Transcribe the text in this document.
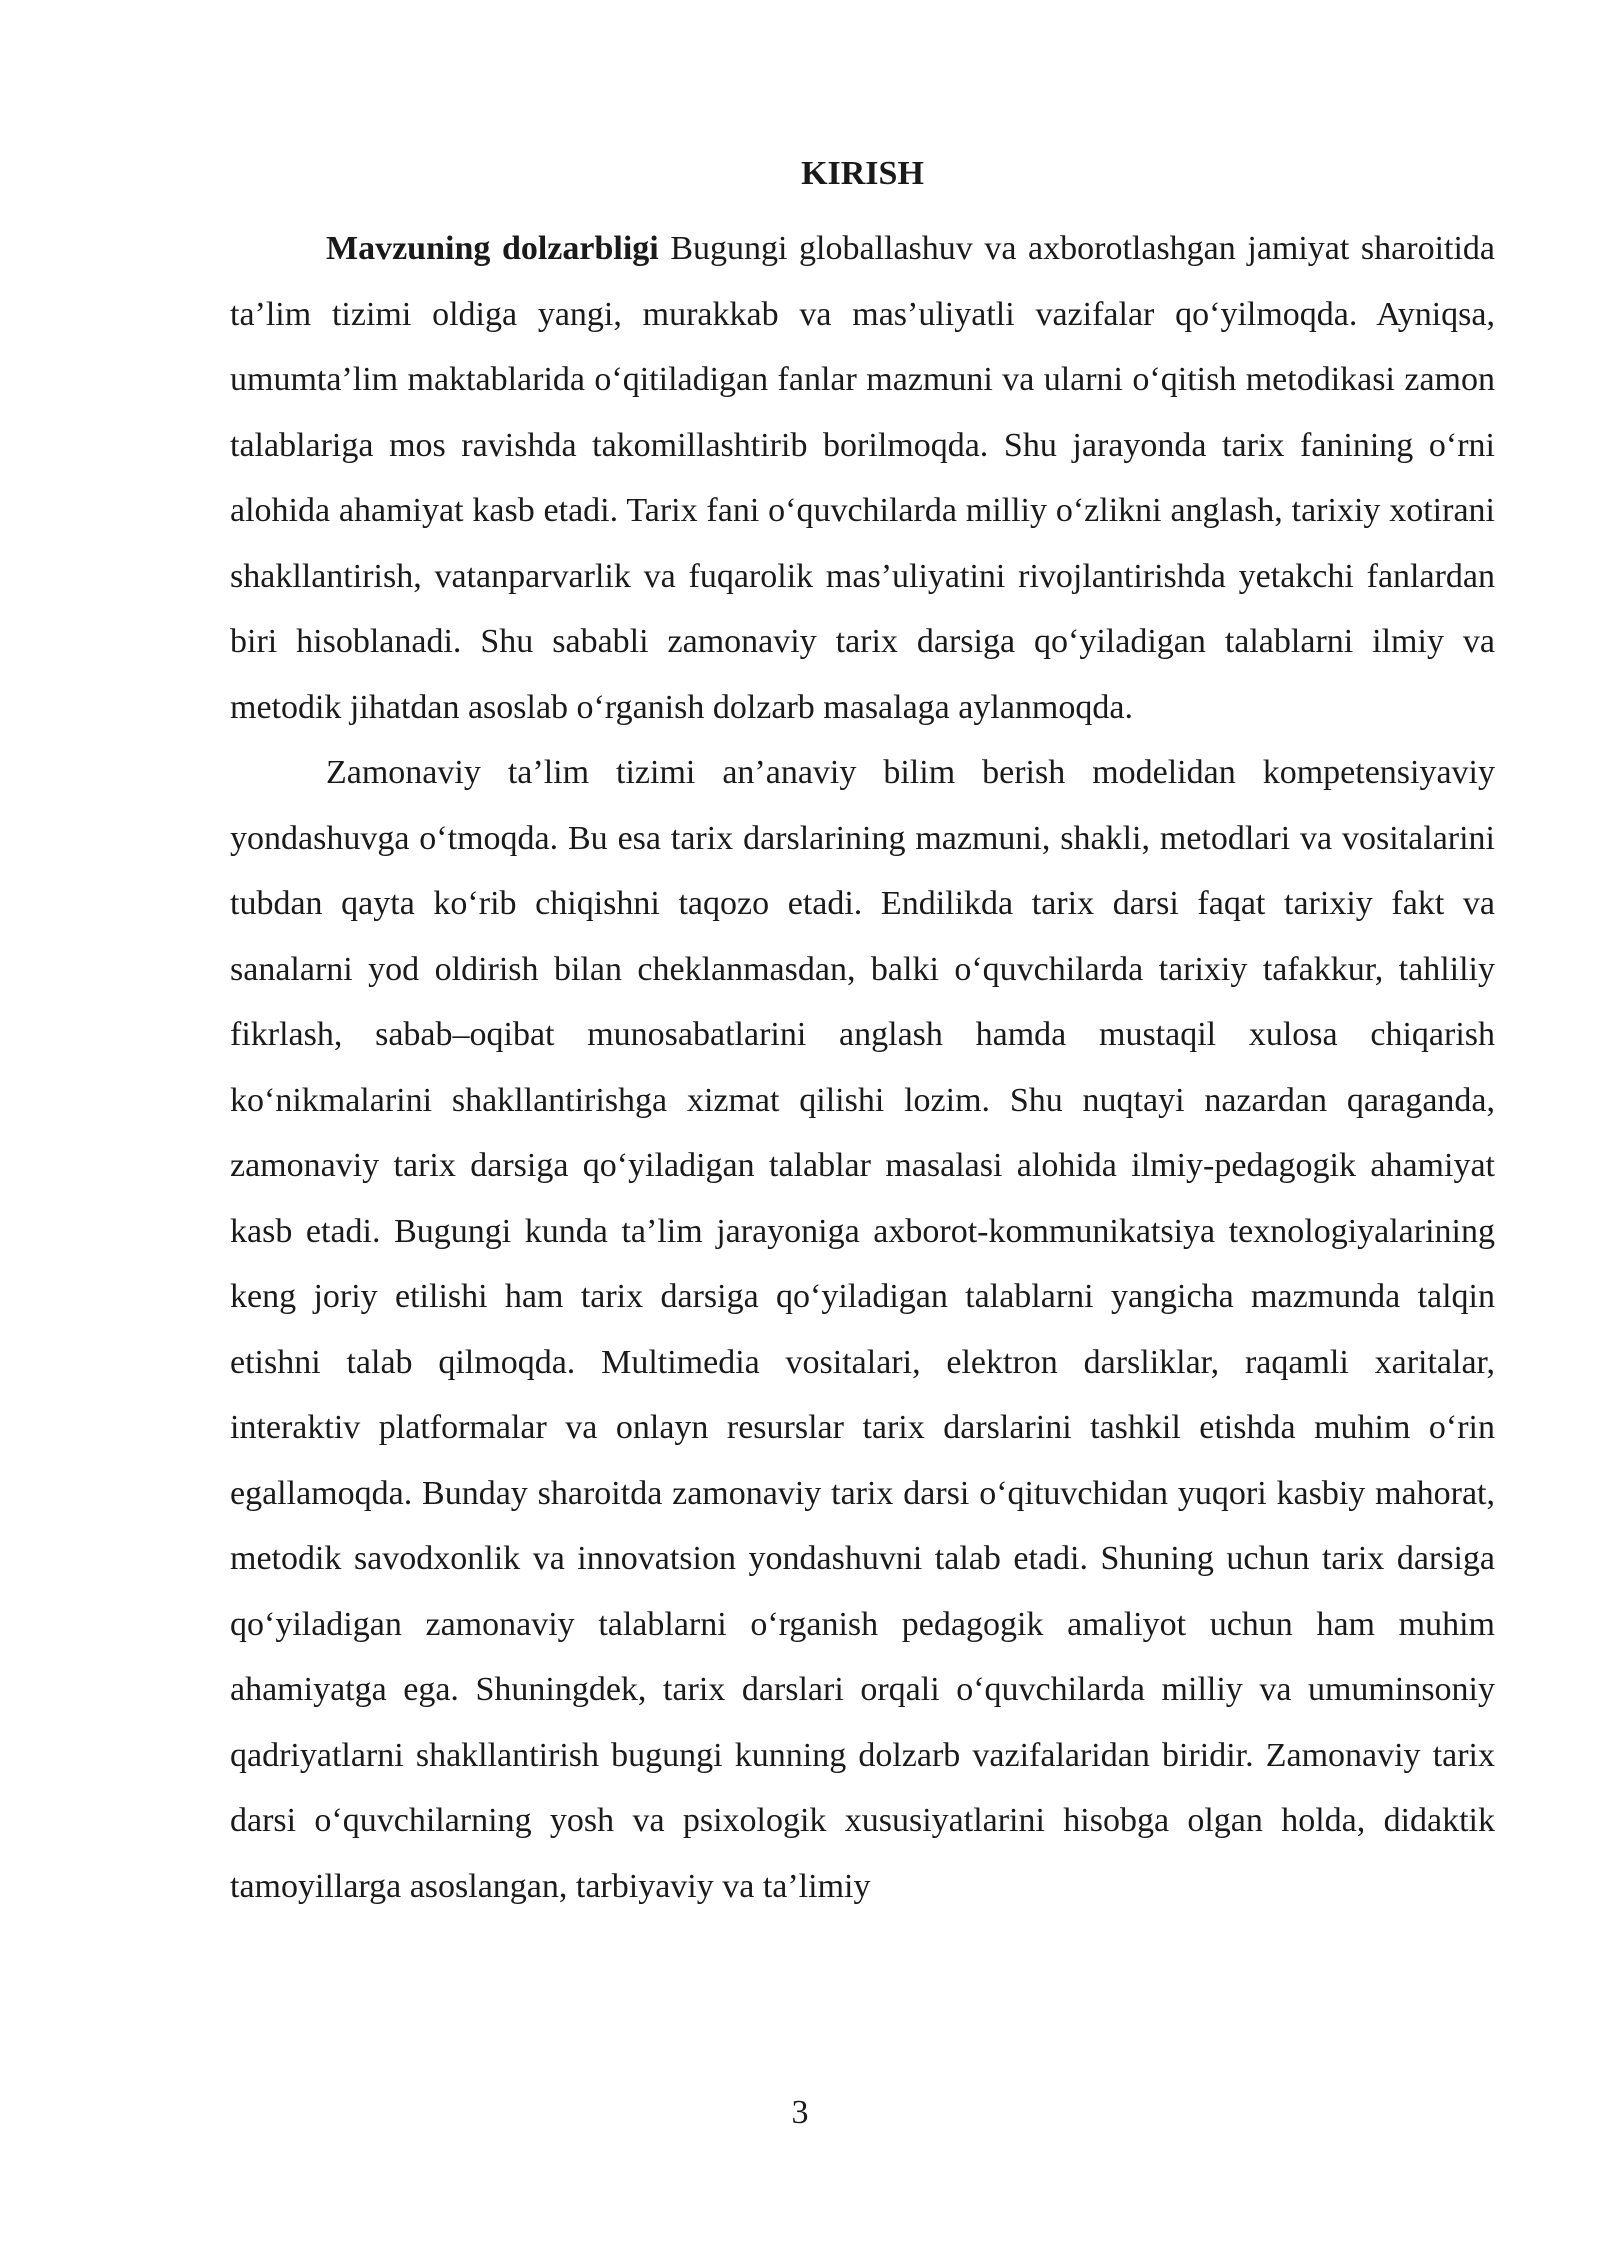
KIRISH

Mavzuning dolzarbligi Bugungi globallashuv va axborotlashgan jamiyat sharoitida ta’lim tizimi oldiga yangi, murakkab va mas’uliyatli vazifalar qo‘yilmoqda. Ayniqsa, umumta’lim maktablarida o‘qitiladigan fanlar mazmuni va ularni o‘qitish metodikasi zamon talablariga mos ravishda takomillashtirib borilmoqda. Shu jarayonda tarix fanining o‘rni alohida ahamiyat kasb etadi. Tarix fani o‘quvchilarda milliy o‘zlikni anglash, tarixiy xotirani shakllantirish, vatanparvarlik va fuqarolik mas’uliyatini rivojlantirishda yetakchi fanlardan biri hisoblanadi. Shu sababli zamonaviy tarix darsiga qo‘yiladigan talablarni ilmiy va metodik jihatdan asoslab o‘rganish dolzarb masalaga aylanmoqda.

Zamonaviy ta’lim tizimi an’anaviy bilim berish modelidan kompetensiyaviy yondashuvga o‘tmoqda. Bu esa tarix darslarining mazmuni, shakli, metodlari va vositalarini tubdan qayta ko‘rib chiqishni taqozo etadi. Endilikda tarix darsi faqat tarixiy fakt va sanalarni yod oldirish bilan cheklanmasdan, balki o‘quvchilarda tarixiy tafakkur, tahliliy fikrlash, sabab–oqibat munosabatlarini anglash hamda mustaqil xulosa chiqarish ko‘nikmalarini shakllantirishga xizmat qilishi lozim. Shu nuqtayi nazardan qaraganda, zamonaviy tarix darsiga qo‘yiladigan talablar masalasi alohida ilmiy-pedagogik ahamiyat kasb etadi. Bugungi kunda ta’lim jarayoniga axborot-kommunikatsiya texnologiyalarining keng joriy etilishi ham tarix darsiga qo‘yiladigan talablarni yangicha mazmunda talqin etishni talab qilmoqda. Multimedia vositalari, elektron darsliklar, raqamli xaritalar, interaktiv platformalar va onlayn resurslar tarix darslarini tashkil etishda muhim o‘rin egallamoqda. Bunday sharoitda zamonaviy tarix darsi o‘qituvchidan yuqori kasbiy mahorat, metodik savodxonlik va innovatsion yondashuvni talab etadi. Shuning uchun tarix darsiga qo‘yiladigan zamonaviy talablarni o‘rganish pedagogik amaliyot uchun ham muhim ahamiyatga ega. Shuningdek, tarix darslari orqali o‘quvchilarda milliy va umuminsoniy qadriyatlarni shakllantirish bugungi kunning dolzarb vazifalaridan biridir. Zamonaviy tarix darsi o‘quvchilarning yosh va psixologik xususiyatlarini hisobga olgan holda, didaktik tamoyillarga asoslangan, tarbiyaviy va ta’limiy

3
